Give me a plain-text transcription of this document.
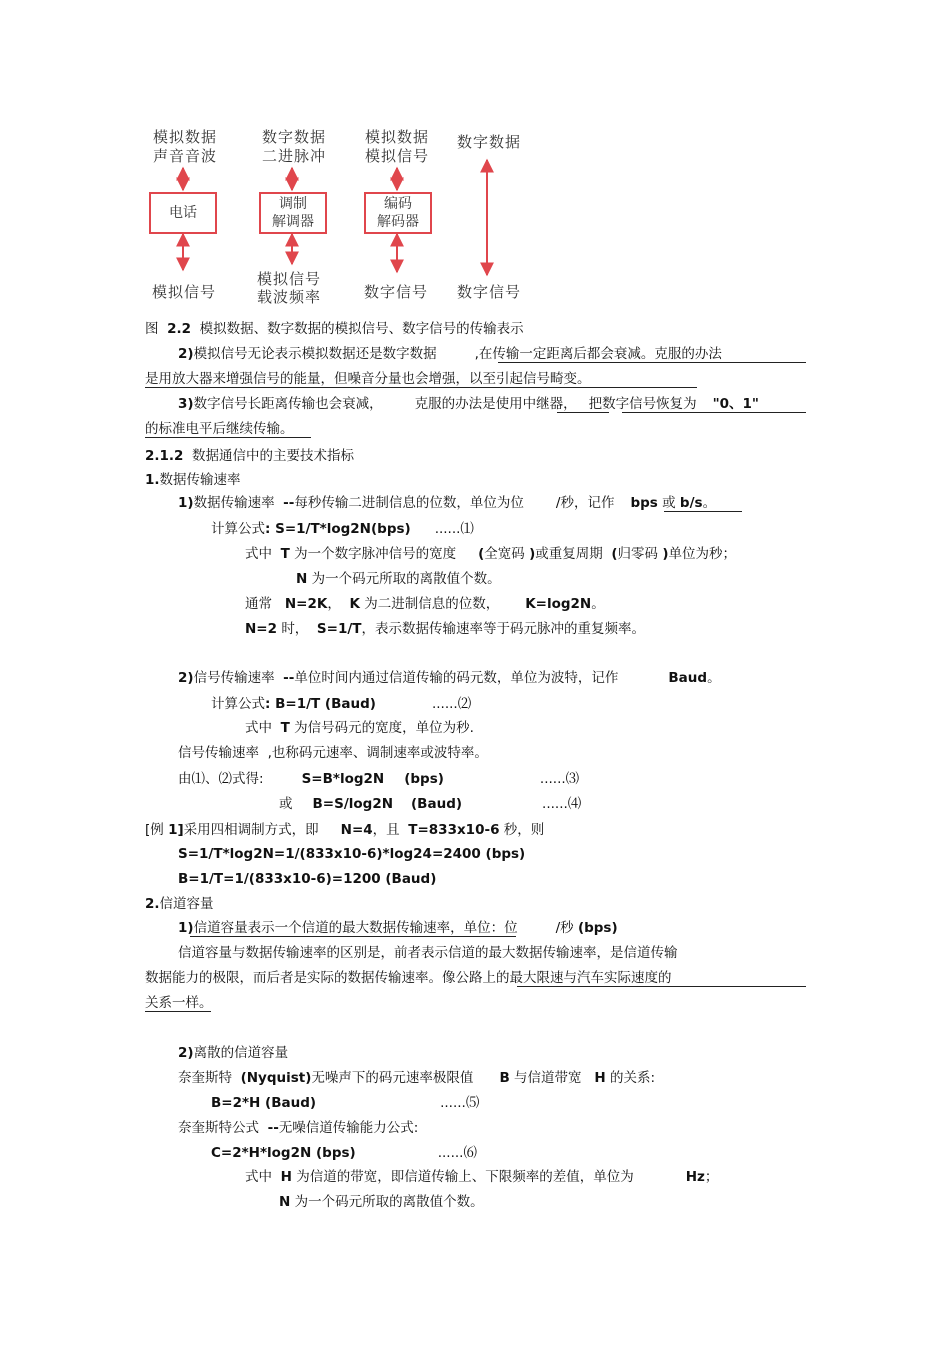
模拟数据
声音音波
电话
模拟信号
数字数据
二进脉冲
调制
解调器
模拟信号
载波频率
模拟数据
模拟信号
编码
解码器
数字信号
数字数据
数字信号
图 2.2 模拟数据、数字数据的模拟信号、数字信号的传输表示
2)模拟信号无论表示模拟数据还是数字数据	,在传输一定距离后都会衰减。克服的办法
是用放大器来增强信号的能量，但噪音分量也会增强，以至引起信号畸变。
3)数字信号长距离传输也会衰减， 克服的办法是使用中继器， 把数字信号恢复为 "0、1"
的标准电平后继续传输。
2.1.2 数据通信中的主要技术指标
1.数据传输速率
1)数据传输速率 --每秒传输二进制信息的位数，单位为位 /秒，记作 bps 或 b/s。
计算公式: S=1/T*log2N(bps) ......⑴
式中 T 为一个数字脉冲信号的宽度 (全宽码 )或重复周期 (归零码 )单位为秒；
N 为一个码元所取的离散值个数。
通常 N=2K， K 为二进制信息的位数， K=log2N。
N=2 时， S=1/T，表示数据传输速率等于码元脉冲的重复频率。
2)信号传输速率 --单位时间内通过信道传输的码元数，单位为波特，记作	Baud。
计算公式: B=1/T (Baud)	......⑵
式中 T 为信号码元的宽度，单位为秒.
信号传输速率 ,也称码元速率、调制速率或波特率。
由⑴、⑵式得:	S=B*log2N (bps)	......⑶
或 B=S/log2N (Baud)	......⑷
[例 1]采用四相调制方式，即 N=4，且 T=833x10-6 秒，则
S=1/T*log2N=1/(833x10-6)*log24=2400 (bps)
B=1/T=1/(833x10-6)=1200 (Baud)
2.信道容量
1)信道容量表示一个信道的最大数据传输速率，单位：位	/秒 (bps)
信道容量与数据传输速率的区别是，前者表示信道的最大数据传输速率，是信道传输
数据能力的极限，而后者是实际的数据传输速率。像公路上的最大限速与汽车实际速度的
关系一样。
2)离散的信道容量
奈奎斯特 (Nyquist)无噪声下的码元速率极限值 B 与信道带宽 H 的关系:
B=2*H (Baud)	......⑸
奈奎斯特公式 --无噪信道传输能力公式:
C=2*H*log2N (bps)	......⑹
式中 H 为信道的带宽，即信道传输上、下限频率的差值，单位为	Hz；
N 为一个码元所取的离散值个数。
